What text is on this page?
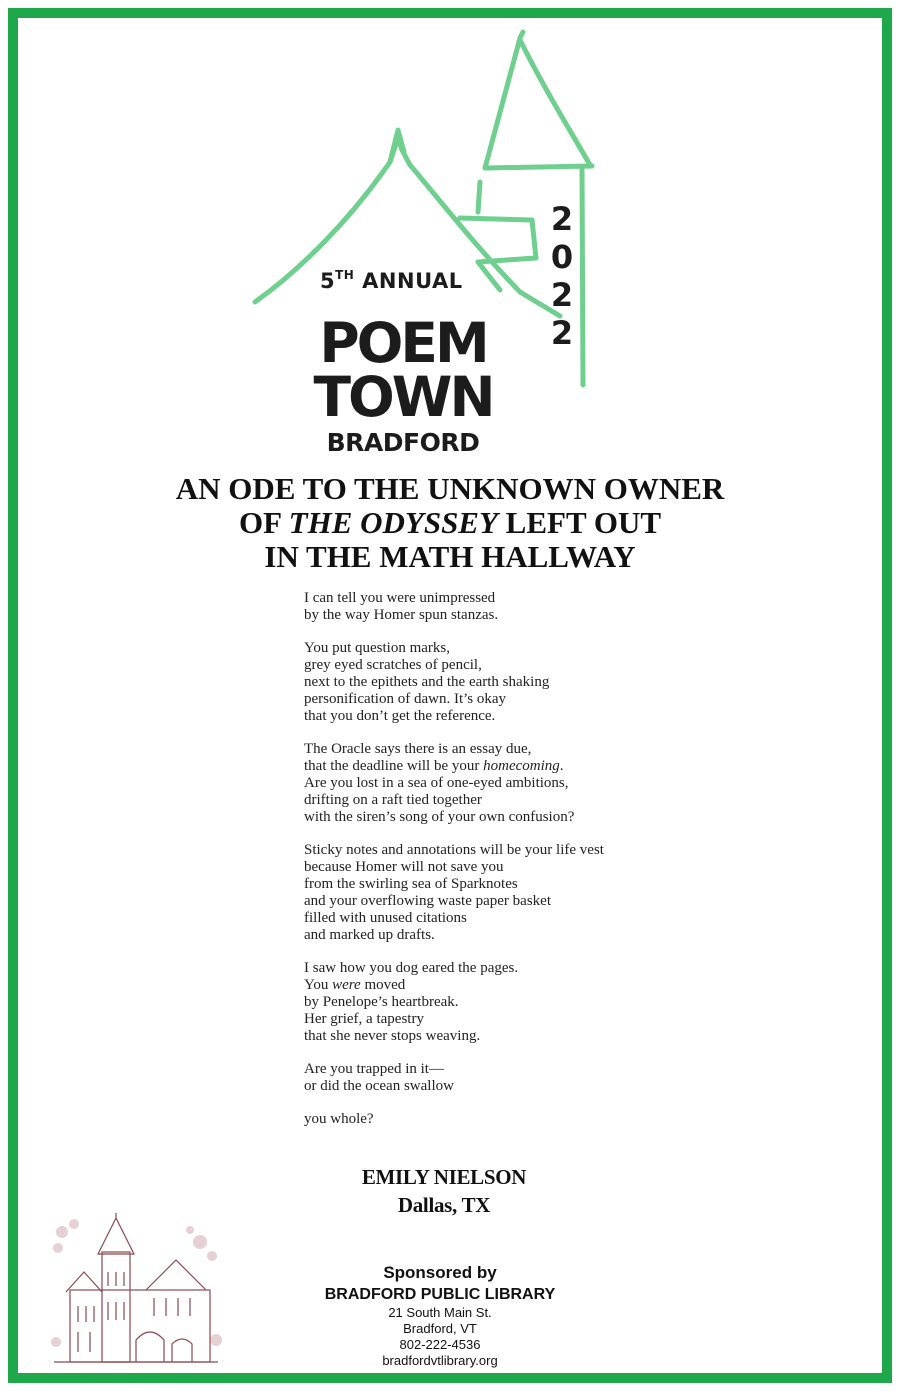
5TH ANNUAL
POEM
TOWN
BRADFORD
2
0
2
2
AN ODE TO THE UNKNOWN OWNER
OF THE ODYSSEY LEFT OUT
IN THE MATH HALLWAY
I can tell you were unimpressed
by the way Homer spun stanzas.
You put question marks,
grey eyed scratches of pencil,
next to the epithets and the earth shaking
personification of dawn. It’s okay
that you don’t get the reference.
The Oracle says there is an essay due,
that the deadline will be your homecoming.
Are you lost in a sea of one-eyed ambitions,
drifting on a raft tied together
with the siren’s song of your own confusion?
Sticky notes and annotations will be your life vest
because Homer will not save you
from the swirling sea of Sparknotes
and your overflowing waste paper basket
filled with unused citations
and marked up drafts.
I saw how you dog eared the pages.
You were moved
by Penelope’s heartbreak.
Her grief, a tapestry
that she never stops weaving.
Are you trapped in it—
or did the ocean swallow
you whole?
EMILY NIELSON
Dallas, TX
Sponsored by
BRADFORD PUBLIC LIBRARY
21 South Main St.
Bradford, VT
802-222-4536
bradfordvtlibrary.org
